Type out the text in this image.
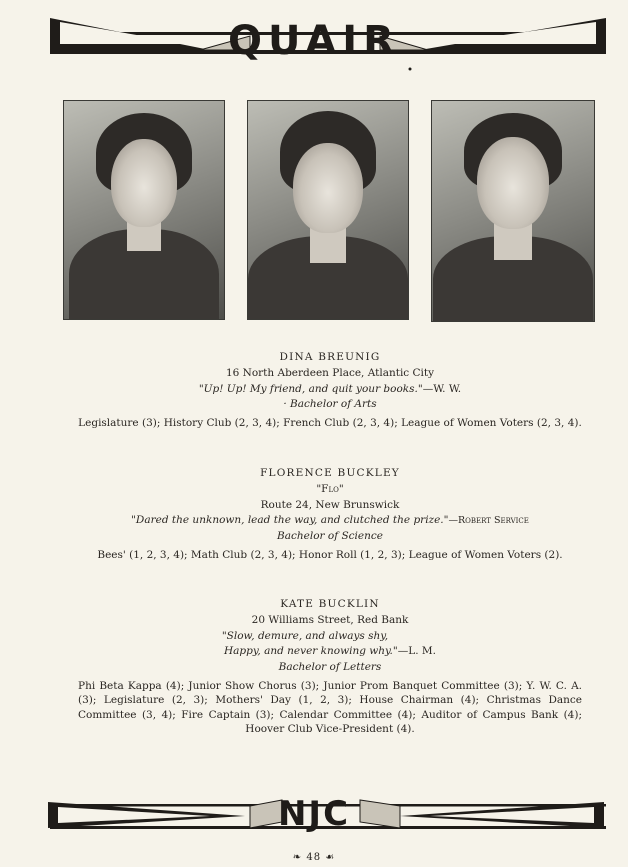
QUAIR
DINA BREUNIG
16 North Aberdeen Place, Atlantic City
"Up! Up! My friend, and quit your books."—W. W.
· Bachelor of Arts
Legislature (3); History Club (2, 3, 4); French Club (2, 3, 4); League of Women Voters (2, 3, 4).
FLORENCE BUCKLEY
"Flo"
Route 24, New Brunswick
"Dared the unknown, lead the way, and clutched the prize."—Robert Service
Bachelor of Science
Bees' (1, 2, 3, 4); Math Club (2, 3, 4); Honor Roll (1, 2, 3); League of Women Voters (2).
KATE BUCKLIN
20 Williams Street, Red Bank
"Slow, demure, and always shy,
Happy, and never knowing why."—L. M.
Bachelor of Letters
Phi Beta Kappa (4); Junior Show Chorus (3); Junior Prom Banquet Committee (3); Y. W. C. A. (3); Legislature (2, 3); Mothers' Day (1, 2, 3); House Chairman (4); Christmas Dance Committee (3, 4); Fire Captain (3); Calendar Committee (4); Auditor of Campus Bank (4); Hoover Club Vice-President (4).
NJC
❧ 48 ☙
